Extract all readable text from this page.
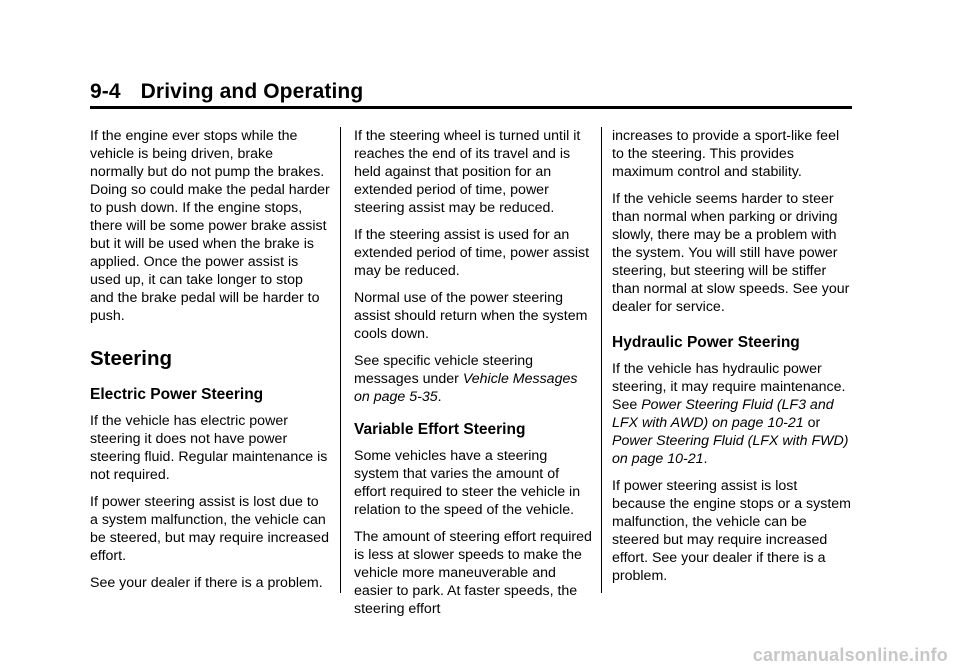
9-4 Driving and Operating

If the engine ever stops while the vehicle is being driven, brake normally but do not pump the brakes. Doing so could make the pedal harder to push down. If the engine stops, there will be some power brake assist but it will be used when the brake is applied. Once the power assist is used up, it can take longer to stop and the brake pedal will be harder to push.

Steering
Electric Power Steering

If the vehicle has electric power steering it does not have power steering fluid. Regular maintenance is not required.

If power steering assist is lost due to a system malfunction, the vehicle can be steered, but may require increased effort.

See your dealer if there is a problem.

If the steering wheel is turned until it reaches the end of its travel and is held against that position for an extended period of time, power steering assist may be reduced.

If the steering assist is used for an extended period of time, power assist may be reduced.

Normal use of the power steering assist should return when the system cools down.

See specific vehicle steering messages under Vehicle Messages on page 5-35.

Variable Effort Steering

Some vehicles have a steering system that varies the amount of effort required to steer the vehicle in relation to the speed of the vehicle.

The amount of steering effort required is less at slower speeds to make the vehicle more maneuverable and easier to park. At faster speeds, the steering effort

increases to provide a sport-like feel to the steering. This provides maximum control and stability.

If the vehicle seems harder to steer than normal when parking or driving slowly, there may be a problem with the system. You will still have power steering, but steering will be stiffer than normal at slow speeds. See your dealer for service.

Hydraulic Power Steering

If the vehicle has hydraulic power steering, it may require maintenance. See Power Steering Fluid (LF3 and LFX with AWD) on page 10-21 or Power Steering Fluid (LFX with FWD) on page 10-21.

If power steering assist is lost because the engine stops or a system malfunction, the vehicle can be steered but may require increased effort. See your dealer if there is a problem.

carmanualsonline.info
